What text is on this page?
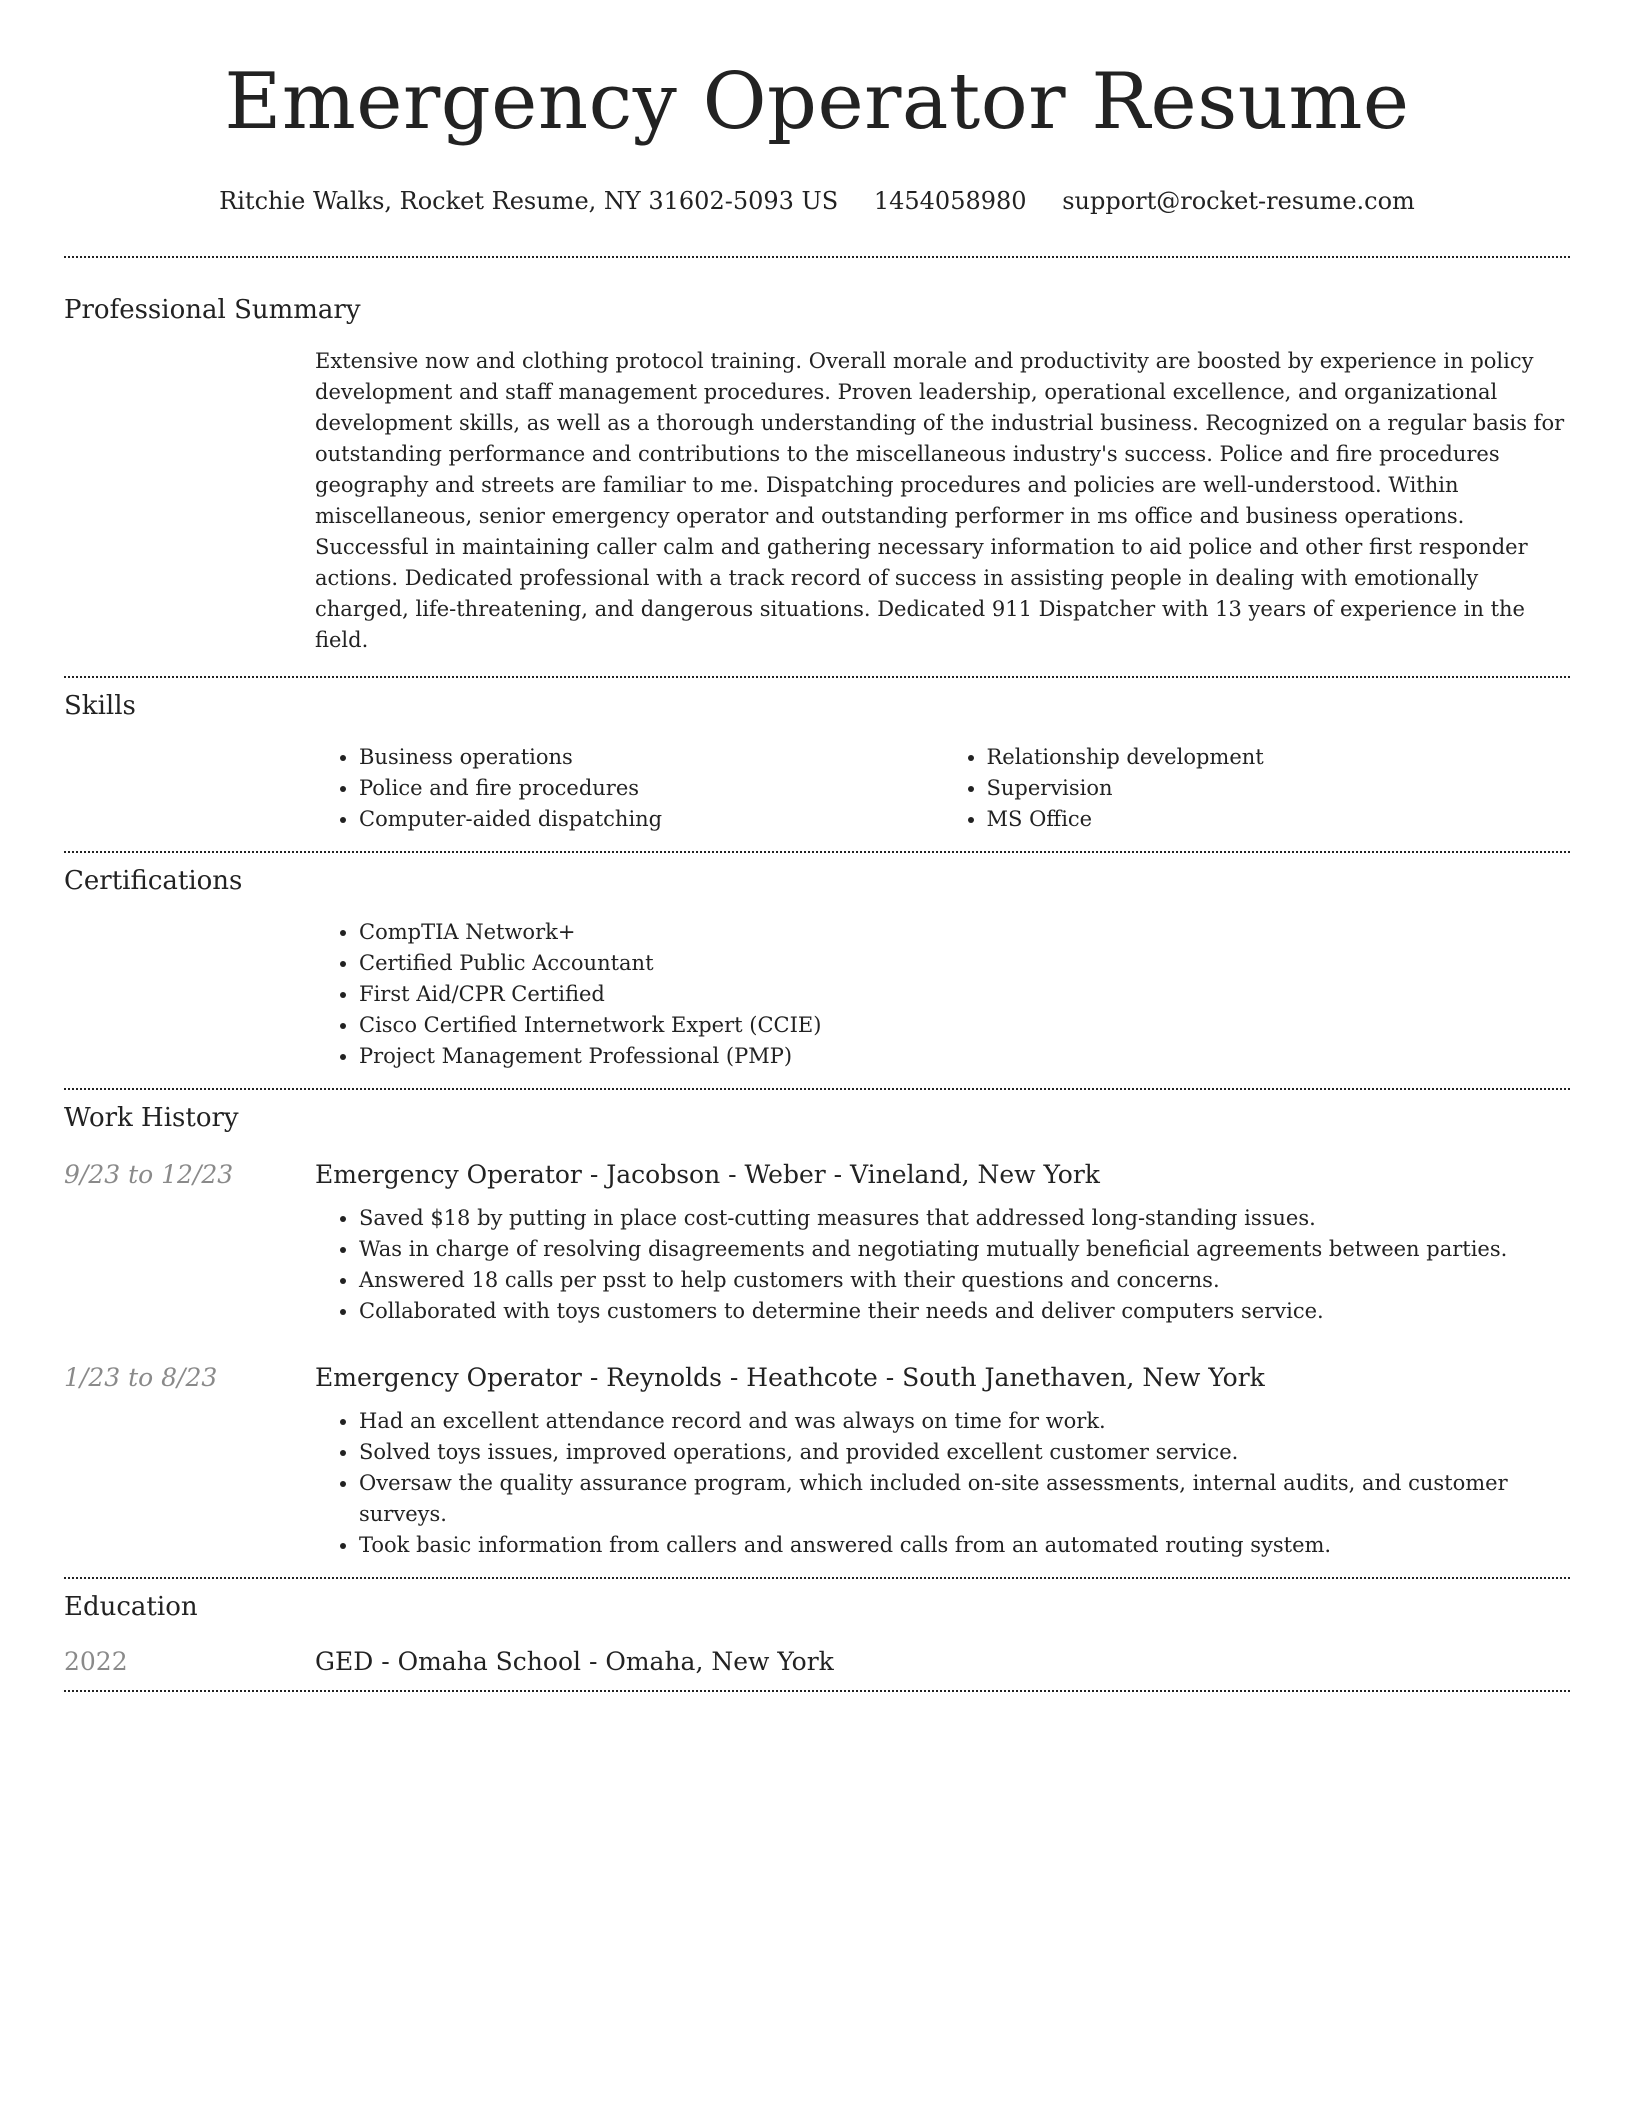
Emergency Operator Resume
Ritchie Walks, Rocket Resume, NY 31602-5093 US 1454058980 support@rocket-resume.com
Professional Summary

Extensive now and clothing protocol training. Overall morale and productivity are boosted by experience in policy development and staff management procedures. Proven leadership, operational excellence, and organizational development skills, as well as a thorough understanding of the industrial business. Recognized on a regular basis for outstanding performance and contributions to the miscellaneous industry's success. Police and fire procedures geography and streets are familiar to me. Dispatching procedures and policies are well-understood. Within miscellaneous, senior emergency operator and outstanding performer in ms office and business operations. Successful in maintaining caller calm and gathering necessary information to aid police and other first responder actions. Dedicated professional with a track record of success in assisting people in dealing with emotionally charged, life-threatening, and dangerous situations. Dedicated 911 Dispatcher with 13 years of experience in the field.

Skills
• Business operations
• Police and fire procedures
• Computer-aided dispatching
• Relationship development
• Supervision
• MS Office
Certifications
• CompTIA Network+
• Certified Public Accountant
• First Aid/CPR Certified
• Cisco Certified Internetwork Expert (CCIE)
• Project Management Professional (PMP)
Work History
9/23 to 12/23	Emergency Operator - Jacobson - Weber - Vineland, New York
• Saved $18 by putting in place cost-cutting measures that addressed long-standing issues.
• Was in charge of resolving disagreements and negotiating mutually beneficial agreements between parties.
• Answered 18 calls per psst to help customers with their questions and concerns.
• Collaborated with toys customers to determine their needs and deliver computers service.
1/23 to 8/23	Emergency Operator - Reynolds - Heathcote - South Janethaven, New York
• Had an excellent attendance record and was always on time for work.
• Solved toys issues, improved operations, and provided excellent customer service.
• Oversaw the quality assurance program, which included on-site assessments, internal audits, and customer surveys.
• Took basic information from callers and answered calls from an automated routing system.
Education
2022	GED - Omaha School - Omaha, New York
